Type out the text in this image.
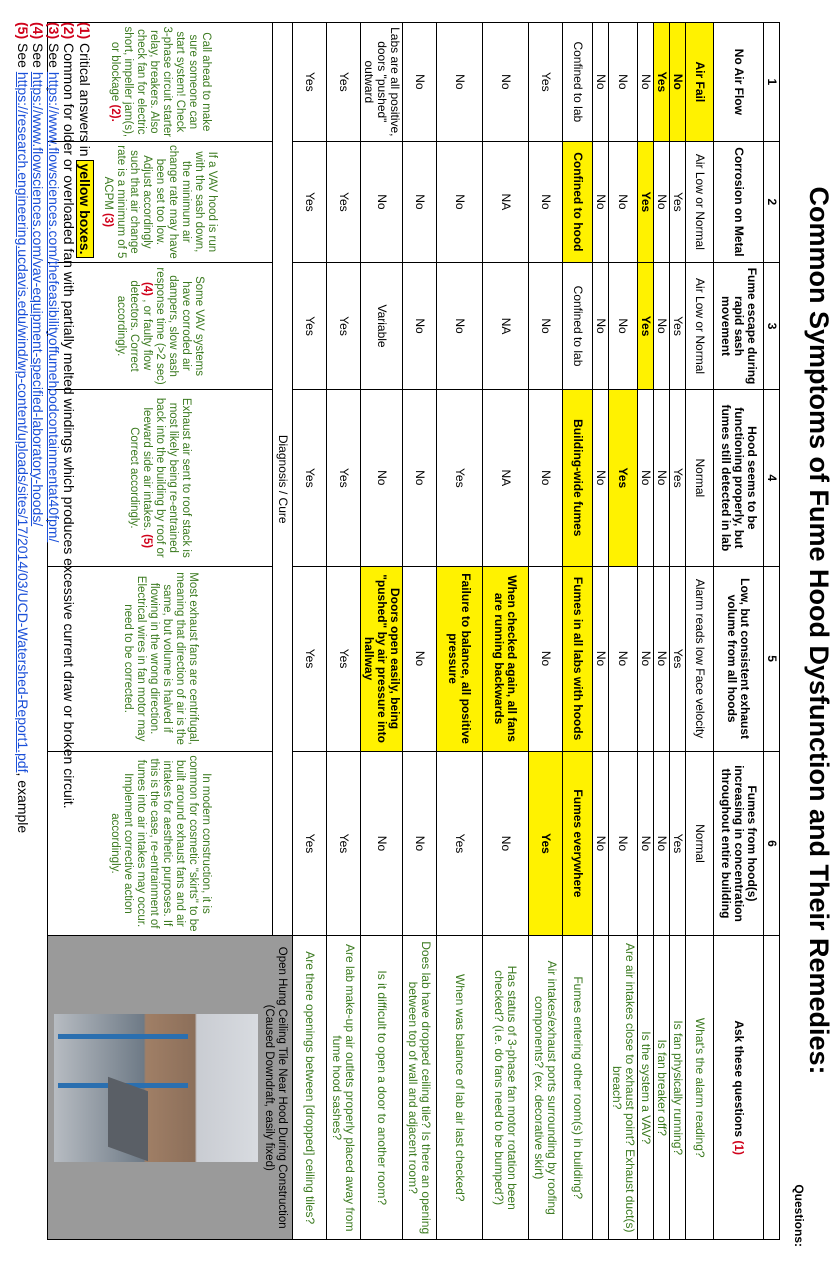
Common Symptoms of Fume Hood Dysfunction and Their Remedies:
Questions:
1	2	3	4	5	6	
No Air Flow	Corrosion on Metal	Fume escape during rapid sash movement	Hood seems to be functioning properly, but fumes still detected in lab	Low, but consistent exhaust volume from all hoods	Fumes from hood(s) increasing in concentration throughout entire building	Ask these questions (1)
Air Fail	Air Low or Normal	Air Low or Normal	Normal	Alarm reads low Face velocity	Normal	What's the alarm reading?
No	Yes	Yes	Yes	Yes	Yes	Is fan physically running?
Yes	No	No	No	No	No	Is fan breaker off?
No	Yes	Yes	No	No	No	Is the system a VAV?
No	No	No	Yes	No	No	Are air intakes close to exhaust point? Exhaust duct(s) breach?
No	No	No	No	No	No	
Confined to lab	Confined to hood	Confined to lab	Building-wide fumes	Fumes in all labs with hoods	Fumes everywhere	Fumes entering other room(s) in building?
Yes	No	No	No	No	Yes	Air intakes/exhaust ports surrounding by roofing components? (ex. decorative skirt)
No	NA	NA	NA	When checked again, all fans are running backwards	No	Has status of 3-phase fan motor rotation been checked? (i.e. do fans need to be bumped?)
No	No	No	Yes	Failure to balance, all positive pressure	Yes	When was balance of lab air last checked?
No	No	No	No	No	No	Does lab have dropped ceiling tile? Is there an opening between top of wall and adjacent room?
Labs are all positive, doors "pushed" outward	No	Variable	No	Doors open easily, being "pushed" by air pressure into hallway	No	Is it difficult to open a door to another room?
Yes	Yes	Yes	Yes	Yes	Yes	Are lab make-up air outlets properly placed away from fume hood sashes?
Yes	Yes	Yes	Yes	Yes	Yes	Are there openings between [dropped] ceiling tiles?
Diagnosis / Cure						Open Hung Ceiling Tile Near Hood During Construction (Caused Downdraft, easily fixed)

Call ahead to make sure someone can start system! Check 3-phase circuit starter relay, breakers. Also check fan for electric short, impeller jam(s), or blockage (2).	If a VAV hood is run with the sash down, the minimum air change rate may have been set too low. Adjust accordingly such that air change rate is a minimum of 5 ACPM (3)	Some VAV systems have corroded air dampers, slow sash response time (>2 sec) (4) , or faulty flow detectors. Correct accordingly.	Exhaust air sent to roof stack is most likely being re-entrained back into the building by roof or leeward side air intakes. (5) Correct accordingly.	Most exhaust fans are centrifugal, meaning that direction of air is the same, but volume is halved if flowing in the wrong direction. Electrical wires in fan motor may need to be corrected.	In modern construction, it is common for cosmetic "skirts" to be built around exhaust fans and air intakes for aesthetic purposes. If this is the case, re-entrainment of fumes into air intakes may occur. Implement corrective action accordingly.	
(1) Critical answers in yellow boxes.
(2) Common for older or overloaded fan with partially melted windings which produces excessive current draw or broken circuit.
(3) See https://www.flowsciences.com/thefeasibilityoffumehoodcontainmentat40fpm/
(4) See https://www.flowsciences.com/vav-equipment-specified-laboratory-hoods/
(5) See https://research.engineering.ucdavis.edu/wind/wp-content/uploads/sites/17/2014/03/UCD-Watershed-Report1.pdf, example
